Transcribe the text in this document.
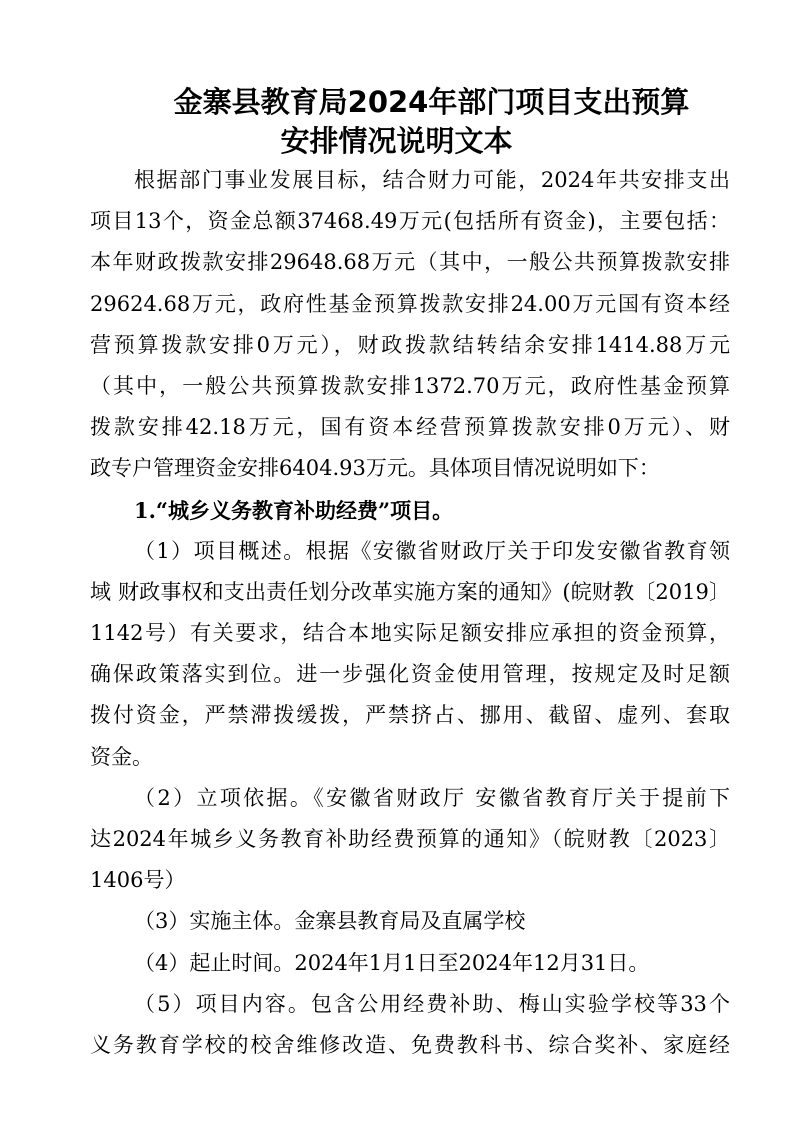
金寨县教育局2024年部门项目支出预算
安排情况说明文本
根据部门事业发展目标，结合财力可能，2024年共安排支出
项目13个，资金总额37468.49万元(包括所有资金)，主要包括：
本年财政拨款安排29648.68万元（其中，一般公共预算拨款安排
29624.68万元，政府性基金预算拨款安排24.00万元国有资本经
营预算拨款安排0万元），财政拨款结转结余安排1414.88万元
（其中，一般公共预算拨款安排1372.70万元，政府性基金预算
拨款安排42.18万元，国有资本经营预算拨款安排0万元）、财
政专户管理资金安排6404.93万元。具体项目情况说明如下：
1.“城乡义务教育补助经费”项目。
（1）项目概述。根据《安徽省财政厅关于印发安徽省教育领
域 财政事权和支出责任划分改革实施方案的通知》(皖财教〔2019〕
1142号）有关要求，结合本地实际足额安排应承担的资金预算，
确保政策落实到位。进一步强化资金使用管理，按规定及时足额
拨付资金，严禁滞拨缓拨，严禁挤占、挪用、截留、虚列、套取
资金。
（2）立项依据。《安徽省财政厅 安徽省教育厅关于提前下
达2024年城乡义务教育补助经费预算的通知》（皖财教〔2023〕
1406号）
（3）实施主体。金寨县教育局及直属学校
（4）起止时间。2024年1月1日至2024年12月31日。
（5）项目内容。包含公用经费补助、梅山实验学校等33个
义务教育学校的校舍维修改造、免费教科书、综合奖补、家庭经
